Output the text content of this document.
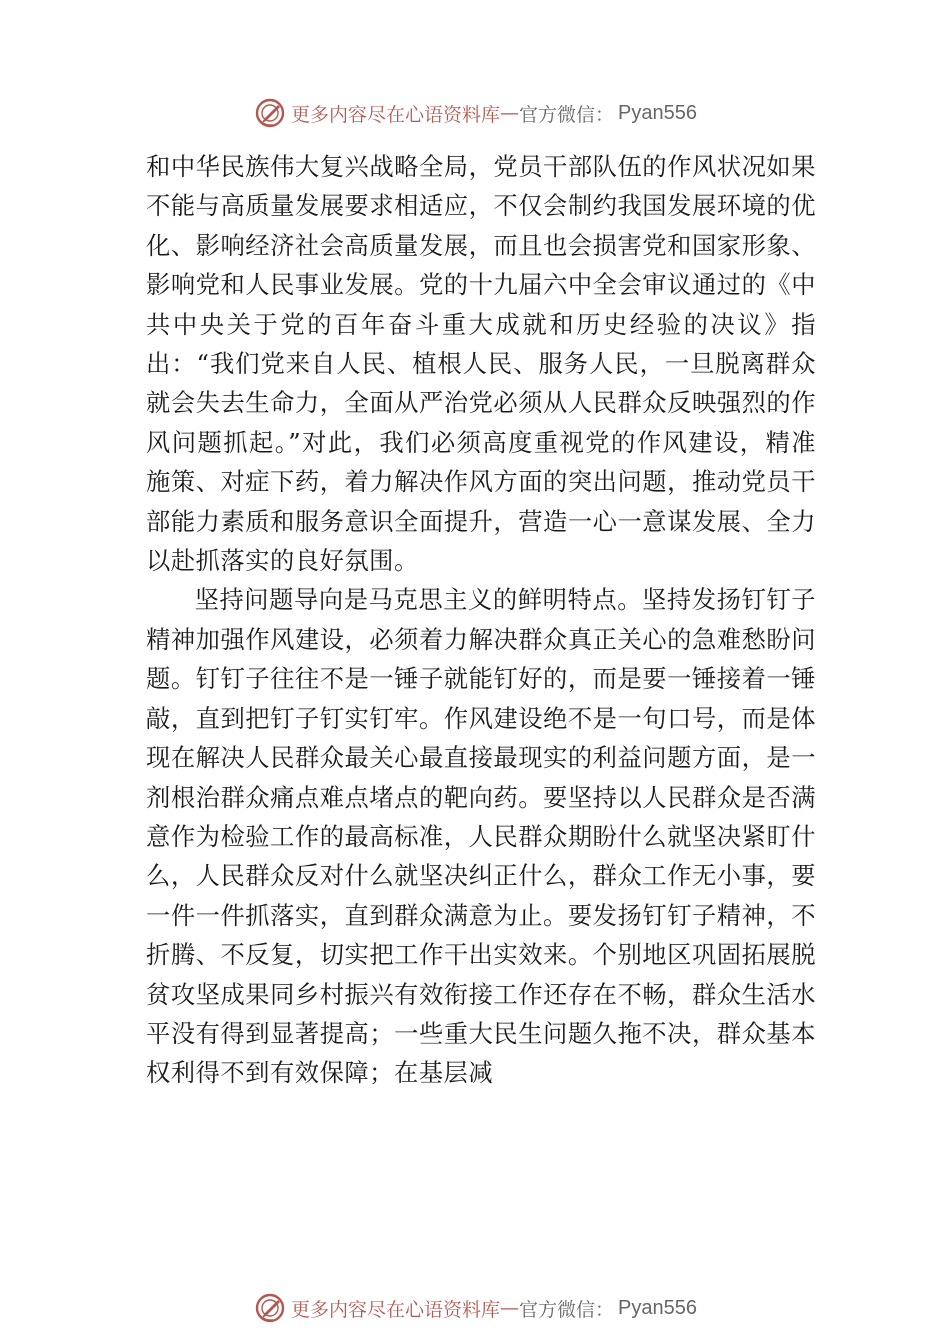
更多内容尽在心语资料库 — 官方微信： Pyan556

和中华民族伟大复兴战略全局，党员干部队伍的作风状况如果不能与高质量发展要求相适应，不仅会制约我国发展环境的优化、影响经济社会高质量发展，而且也会损害党和国家形象、影响党和人民事业发展。党的十九届六中全会审议通过的《中共中央关于党的百年奋斗重大成就和历史经验的决议》指出：“我们党来自人民、植根人民、服务人民，一旦脱离群众就会失去生命力，全面从严治党必须从人民群众反映强烈的作风问题抓起。”对此，我们必须高度重视党的作风建设，精准施策、对症下药，着力解决作风方面的突出问题，推动党员干部能力素质和服务意识全面提升，营造一心一意谋发展、全力以赴抓落实的良好氛围。

坚持问题导向是马克思主义的鲜明特点。坚持发扬钉钉子精神加强作风建设，必须着力解决群众真正关心的急难愁盼问题。钉钉子往往不是一锤子就能钉好的，而是要一锤接着一锤敲，直到把钉子钉实钉牢。作风建设绝不是一句口号，而是体现在解决人民群众最关心最直接最现实的利益问题方面，是一剂根治群众痛点难点堵点的靶向药。要坚持以人民群众是否满意作为检验工作的最高标准，人民群众期盼什么就坚决紧盯什么，人民群众反对什么就坚决纠正什么，群众工作无小事，要一件一件抓落实，直到群众满意为止。要发扬钉钉子精神，不折腾、不反复，切实把工作干出实效来。个别地区巩固拓展脱贫攻坚成果同乡村振兴有效衔接工作还存在不畅，群众生活水平没有得到显著提高；一些重大民生问题久拖不决，群众基本权利得不到有效保障；在基层减

更多内容尽在心语资料库 — 官方微信： Pyan556
